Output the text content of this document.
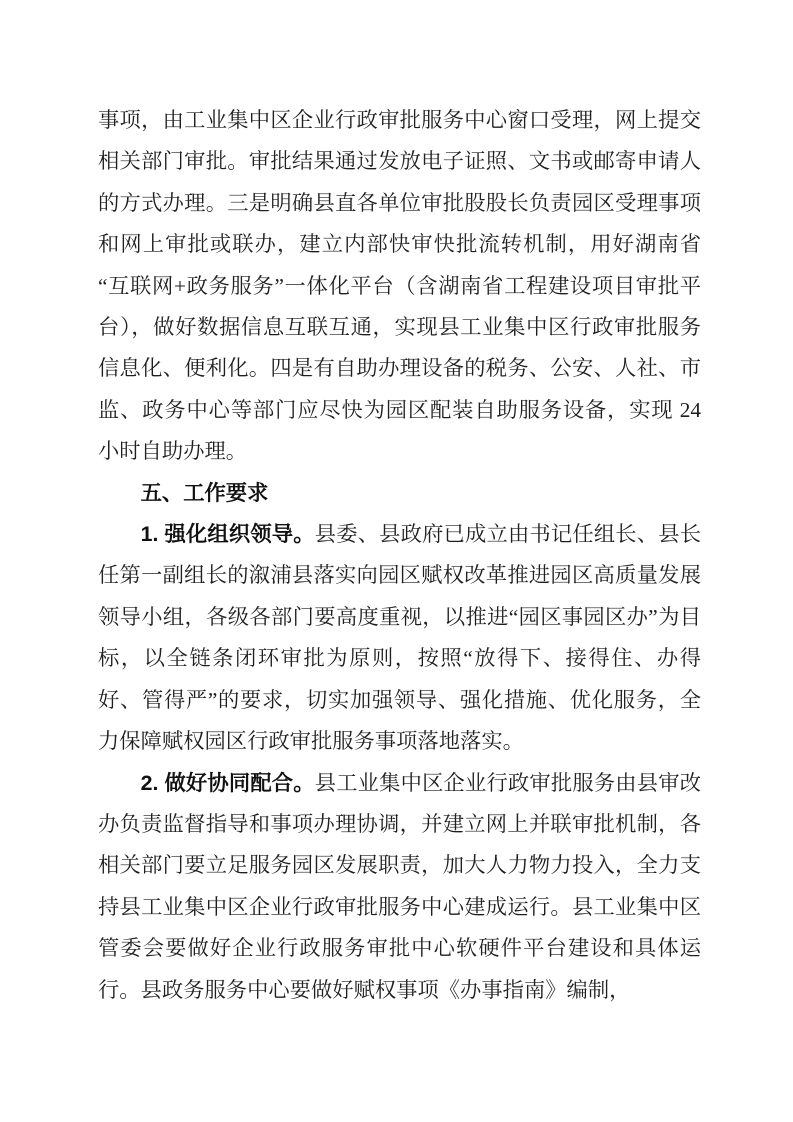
事项，由工业集中区企业行政审批服务中心窗口受理，网上提交相关部门审批。审批结果通过发放电子证照、文书或邮寄申请人的方式办理。三是明确县直各单位审批股股长负责园区受理事项和网上审批或联办，建立内部快审快批流转机制，用好湖南省“互联网+政务服务”一体化平台（含湖南省工程建设项目审批平台），做好数据信息互联互通，实现县工业集中区行政审批服务信息化、便利化。四是有自助办理设备的税务、公安、人社、市监、政务中心等部门应尽快为园区配装自助服务设备，实现 24 小时自助办理。

五、工作要求

1. 强化组织领导。县委、县政府已成立由书记任组长、县长任第一副组长的溆浦县落实向园区赋权改革推进园区高质量发展领导小组，各级各部门要高度重视，以推进“园区事园区办”为目标，以全链条闭环审批为原则，按照“放得下、接得住、办得好、管得严”的要求，切实加强领导、强化措施、优化服务，全力保障赋权园区行政审批服务事项落地落实。

2. 做好协同配合。县工业集中区企业行政审批服务由县审改办负责监督指导和事项办理协调，并建立网上并联审批机制，各相关部门要立足服务园区发展职责，加大人力物力投入，全力支持县工业集中区企业行政审批服务中心建成运行。县工业集中区管委会要做好企业行政服务审批中心软硬件平台建设和具体运行。县政务服务中心要做好赋权事项《办事指南》编制，
